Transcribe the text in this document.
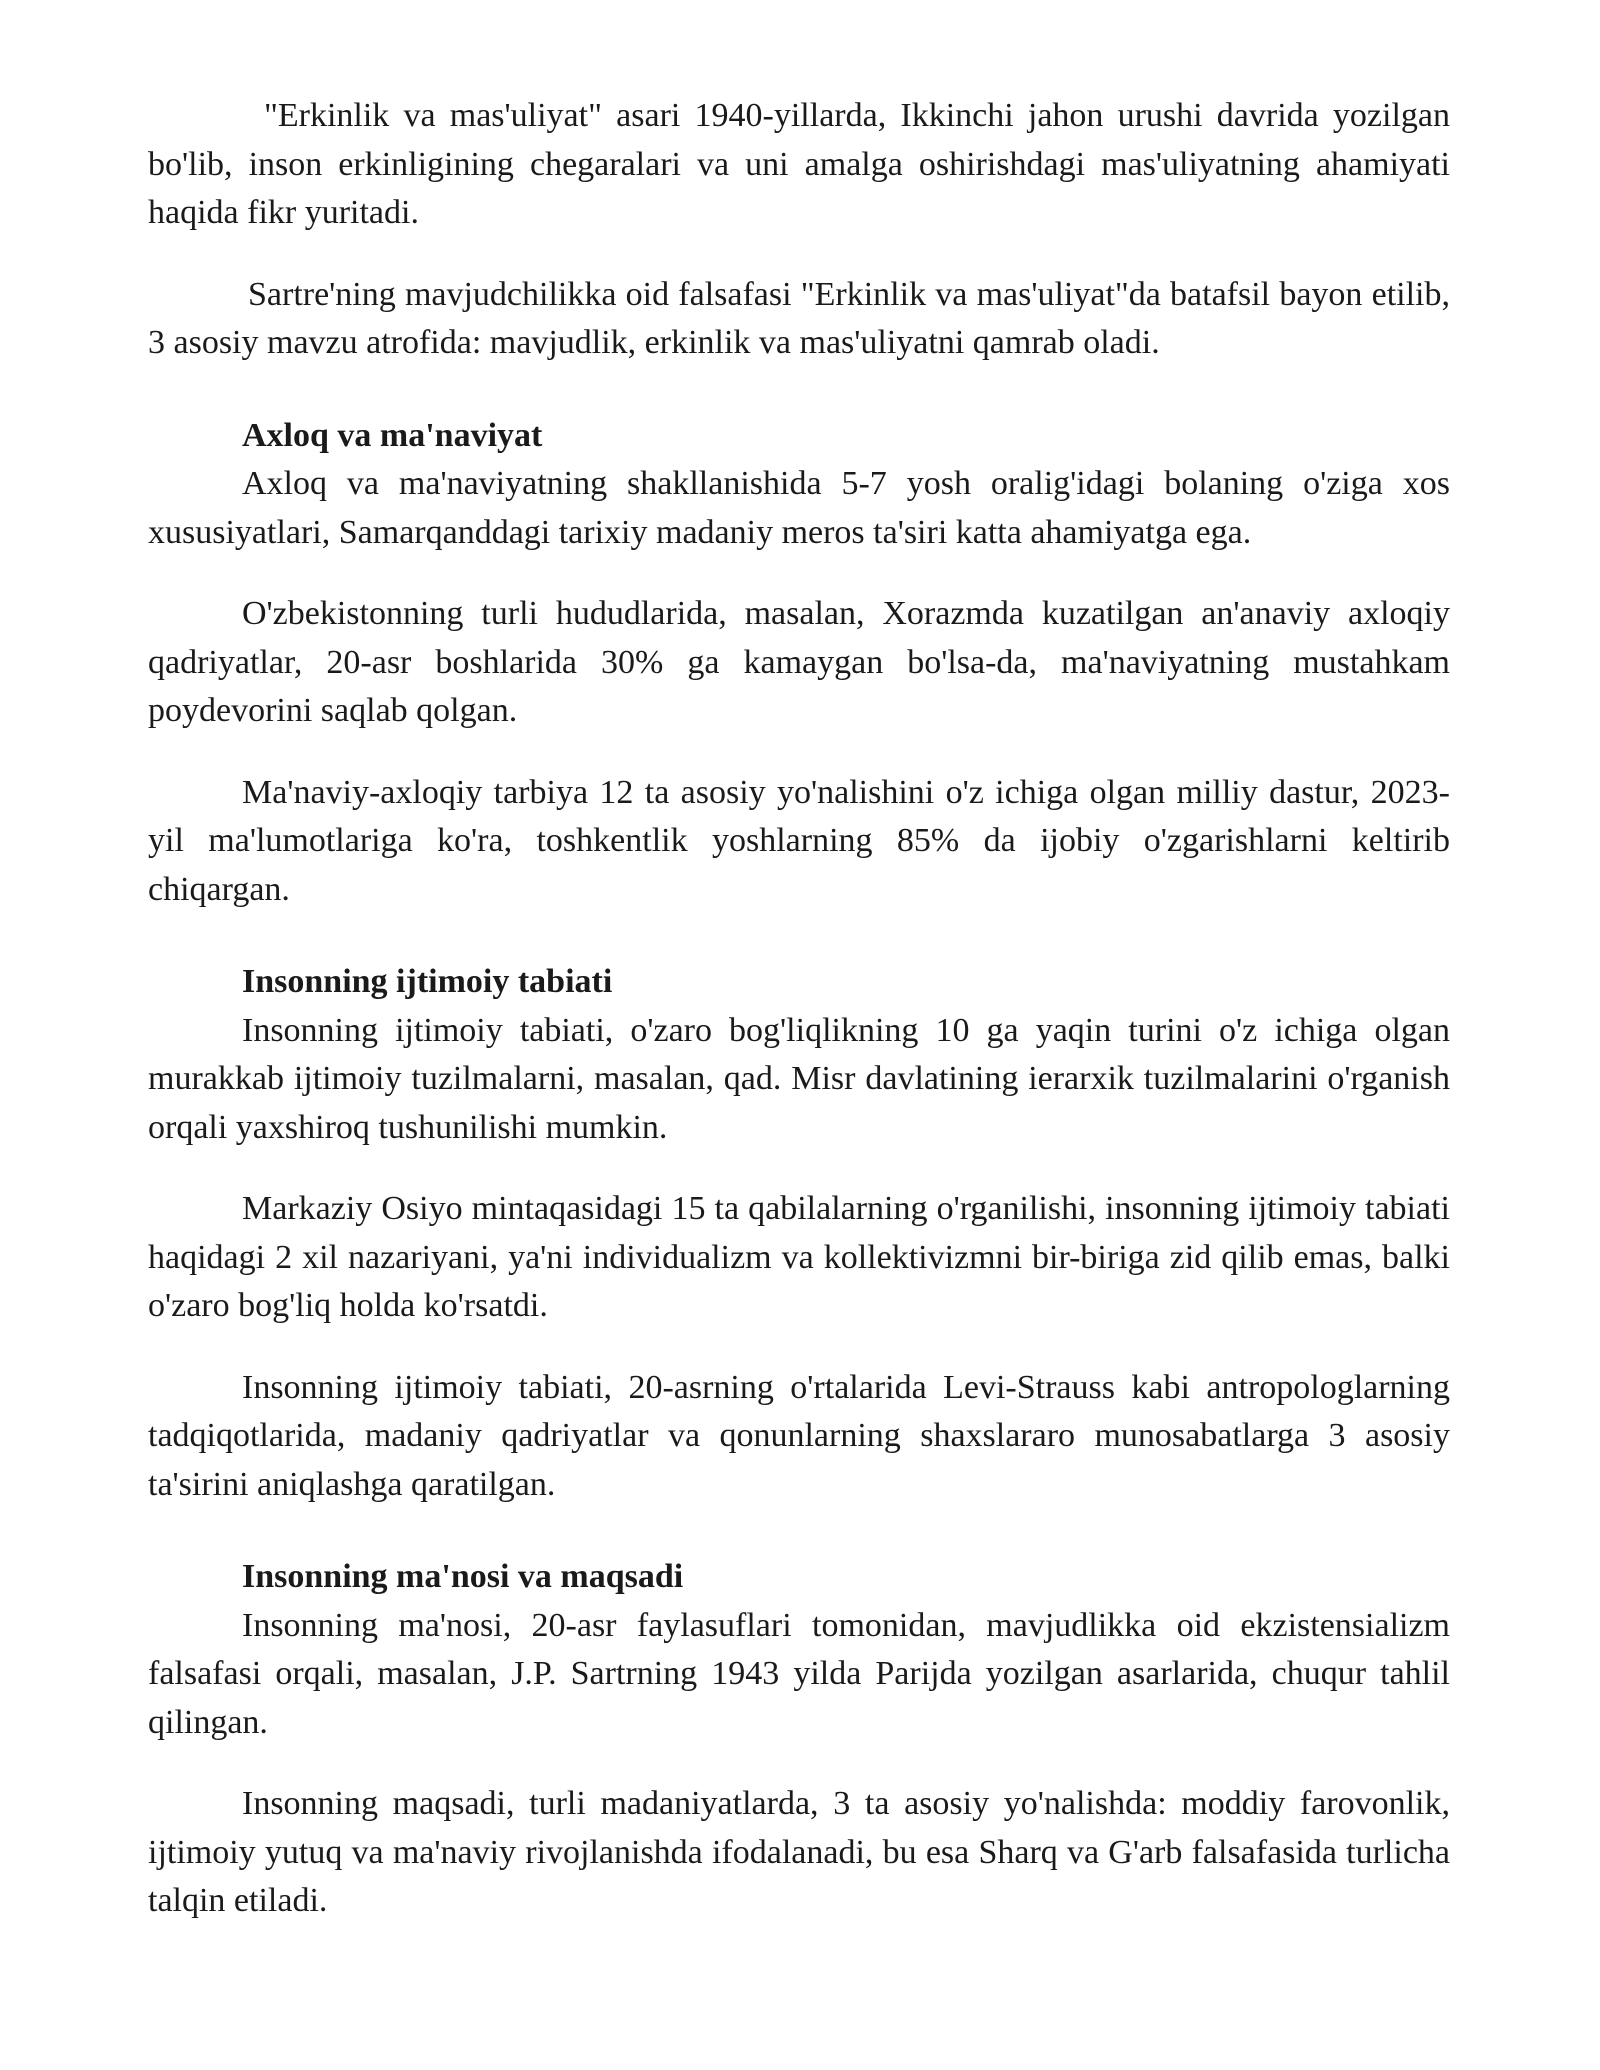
"Erkinlik va mas'uliyat" asari 1940-yillarda, Ikkinchi jahon urushi davrida yozilgan bo'lib, inson erkinligining chegaralari va uni amalga oshirishdagi mas'uliyatning ahamiyati haqida fikr yuritadi.

Sartre'ning mavjudchilikka oid falsafasi "Erkinlik va mas'uliyat"da batafsil bayon etilib, 3 asosiy mavzu atrofida: mavjudlik, erkinlik va mas'uliyatni qamrab oladi.

Axloq va ma'naviyat

Axloq va ma'naviyatning shakllanishida 5-7 yosh oralig'idagi bolaning o'ziga xos xususiyatlari, Samarqanddagi tarixiy madaniy meros ta'siri katta ahamiyatga ega.

O'zbekistonning turli hududlarida, masalan, Xorazmda kuzatilgan an'anaviy axloqiy qadriyatlar, 20-asr boshlarida 30% ga kamaygan bo'lsa-da, ma'naviyatning mustahkam poydevorini saqlab qolgan.

Ma'naviy-axloqiy tarbiya 12 ta asosiy yo'nalishini o'z ichiga olgan milliy dastur, 2023-yil ma'lumotlariga ko'ra, toshkentlik yoshlarning 85% da ijobiy o'zgarishlarni keltirib chiqargan.

Insonning ijtimoiy tabiati

Insonning ijtimoiy tabiati, o'zaro bog'liqlikning 10 ga yaqin turini o'z ichiga olgan murakkab ijtimoiy tuzilmalarni, masalan, qad. Misr davlatining ierarxik tuzilmalarini o'rganish orqali yaxshiroq tushunilishi mumkin.

Markaziy Osiyo mintaqasidagi 15 ta qabilalarning o'rganilishi, insonning ijtimoiy tabiati haqidagi 2 xil nazariyani, ya'ni individualizm va kollektivizmni bir-biriga zid qilib emas, balki o'zaro bog'liq holda ko'rsatdi.

Insonning ijtimoiy tabiati, 20-asrning o'rtalarida Levi-Strauss kabi antropologlarning tadqiqotlarida, madaniy qadriyatlar va qonunlarning shaxslararo munosabatlarga 3 asosiy ta'sirini aniqlashga qaratilgan.

Insonning ma'nosi va maqsadi

Insonning ma'nosi, 20-asr faylasuflari tomonidan, mavjudlikka oid ekzistensializm falsafasi orqali, masalan, J.P. Sartrning 1943 yilda Parijda yozilgan asarlarida, chuqur tahlil qilingan.

Insonning maqsadi, turli madaniyatlarda, 3 ta asosiy yo'nalishda: moddiy farovonlik, ijtimoiy yutuq va ma'naviy rivojlanishda ifodalanadi, bu esa Sharq va G'arb falsafasida turlicha talqin etiladi.
